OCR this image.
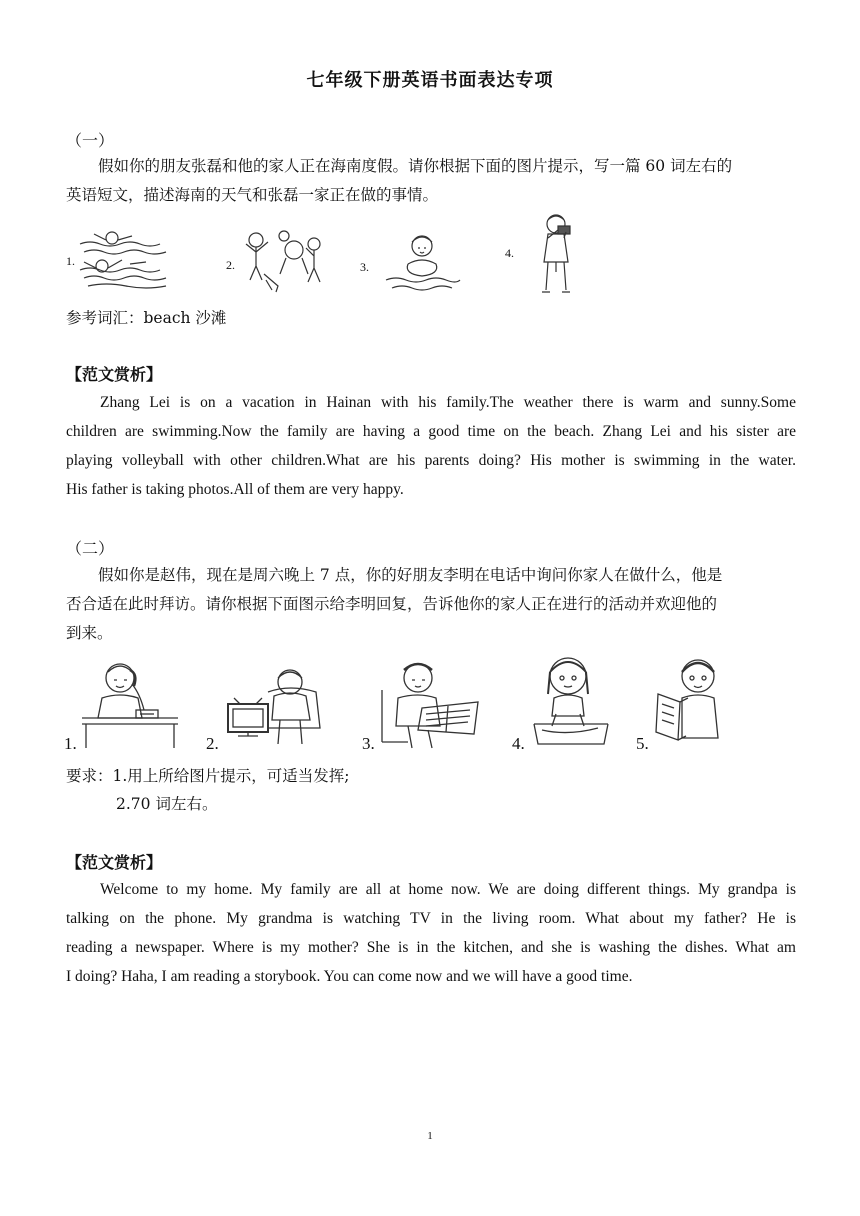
七年级下册英语书面表达专项
（一）
假如你的朋友张磊和他的家人正在海南度假。请你根据下面的图片提示，写一篇 60 词左右的
英语短文，描述海南的天气和张磊一家正在做的事情。
1.	2.	3.
4.
参考词汇：beach 沙滩
【范文赏析】
Zhang Lei is on a vacation in Hainan with his family.The weather there is warm and sunny.Some
children are swimming.Now the family are having a good time on the beach. Zhang Lei and his sister are
playing volleyball with other children.What are his parents doing? His mother is swimming in the water.
His father is taking photos.All of them are very happy.
（二）
假如你是赵伟，现在是周六晚上 7 点，你的好朋友李明在电话中询问你家人在做什么，他是
否合适在此时拜访。请你根据下面图示给李明回复，告诉他你的家人正在进行的活动并欢迎他的
到来。
1.	2.	3.	4.	5.
要求：1.用上所给图片提示，可适当发挥;
2.70 词左右。
【范文赏析】
Welcome to my home. My family are all at home now. We are doing different things. My grandpa is
talking on the phone. My grandma is watching TV in the living room. What about my father? He is
reading a newspaper. Where is my mother? She is in the kitchen, and she is washing the dishes. What am
I doing? Haha, I am reading a storybook. You can come now and we will have a good time.
1
